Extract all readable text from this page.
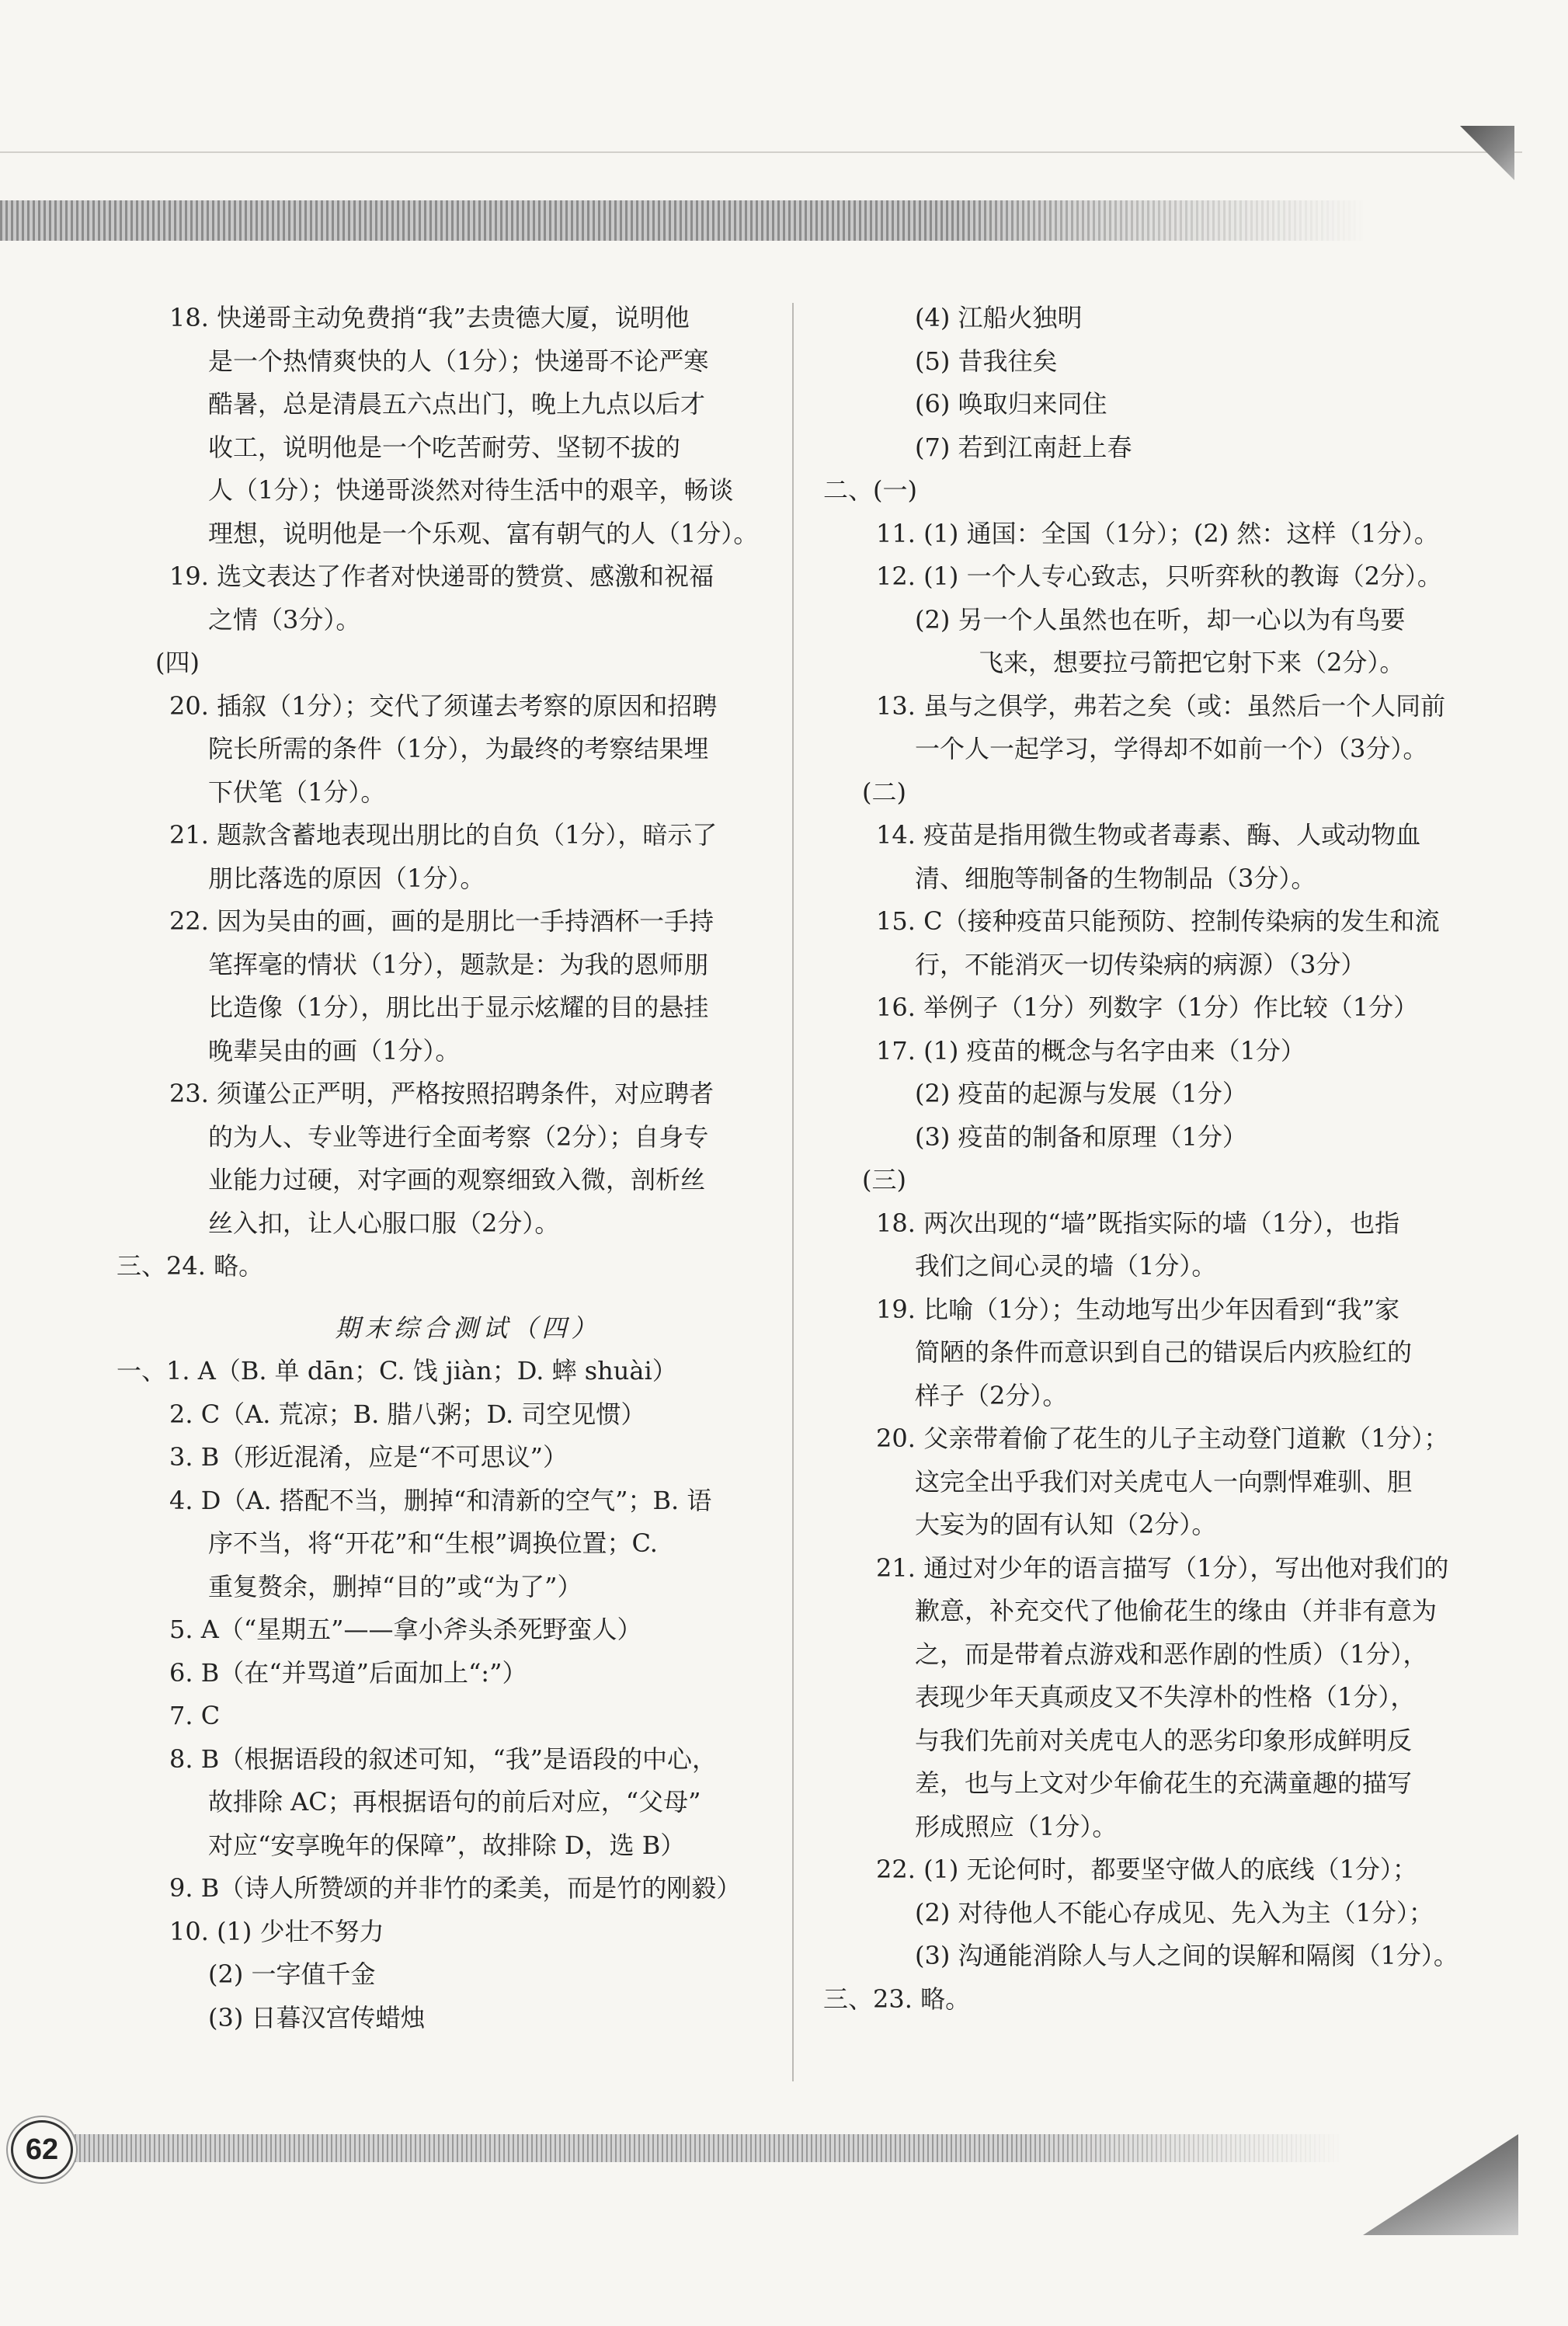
18. 快递哥主动免费捎“我”去贵德大厦，说明他
是一个热情爽快的人（1分）；快递哥不论严寒
酷暑，总是清晨五六点出门，晚上九点以后才
收工，说明他是一个吃苦耐劳、坚韧不拔的
人（1分）；快递哥淡然对待生活中的艰辛，畅谈
理想，说明他是一个乐观、富有朝气的人（1分）。
19. 选文表达了作者对快递哥的赞赏、感激和祝福
之情（3分）。
(四)
20. 插叙（1分）；交代了须谨去考察的原因和招聘
院长所需的条件（1分），为最终的考察结果埋
下伏笔（1分）。
21. 题款含蓄地表现出朋比的自负（1分），暗示了
朋比落选的原因（1分）。
22. 因为吴由的画，画的是朋比一手持酒杯一手持
笔挥毫的情状（1分），题款是：为我的恩师朋
比造像（1分），朋比出于显示炫耀的目的悬挂
晚辈吴由的画（1分）。
23. 须谨公正严明，严格按照招聘条件，对应聘者
的为人、专业等进行全面考察（2分）；自身专
业能力过硬，对字画的观察细致入微，剖析丝
丝入扣，让人心服口服（2分）。
三、24. 略。
期末综合测试（四）
一、1. A（B. 单 dān；C. 饯 jiàn；D. 蟀 shuài）
2. C（A. 荒凉；B. 腊八粥；D. 司空见惯）
3. B（形近混淆，应是“不可思议”）
4. D（A. 搭配不当，删掉“和清新的空气”；B. 语
序不当，将“开花”和“生根”调换位置；C.
重复赘余，删掉“目的”或“为了”）
5. A（“星期五”——拿小斧头杀死野蛮人）
6. B（在“并骂道”后面加上“:”）
7. C
8. B（根据语段的叙述可知，“我”是语段的中心，
故排除 AC；再根据语句的前后对应，“父母”
对应“安享晚年的保障”，故排除 D，选 B）
9. B（诗人所赞颂的并非竹的柔美，而是竹的刚毅）
10. (1) 少壮不努力
(2) 一字值千金
(3) 日暮汉宫传蜡烛
(4) 江船火独明
(5) 昔我往矣
(6) 唤取归来同住
(7) 若到江南赶上春
二、(一)
11. (1) 通国：全国（1分）；(2) 然：这样（1分）。
12. (1) 一个人专心致志，只听弈秋的教诲（2分）。
(2) 另一个人虽然也在听，却一心以为有鸟要
飞来，想要拉弓箭把它射下来（2分）。
13. 虽与之俱学，弗若之矣（或：虽然后一个人同前
一个人一起学习，学得却不如前一个）（3分）。
(二)
14. 疫苗是指用微生物或者毒素、酶、人或动物血
清、细胞等制备的生物制品（3分）。
15. C（接种疫苗只能预防、控制传染病的发生和流
行，不能消灭一切传染病的病源）（3分）
16. 举例子（1分）列数字（1分）作比较（1分）
17. (1) 疫苗的概念与名字由来（1分）
(2) 疫苗的起源与发展（1分）
(3) 疫苗的制备和原理（1分）
(三)
18. 两次出现的“墙”既指实际的墙（1分），也指
我们之间心灵的墙（1分）。
19. 比喻（1分）；生动地写出少年因看到“我”家
简陋的条件而意识到自己的错误后内疚脸红的
样子（2分）。
20. 父亲带着偷了花生的儿子主动登门道歉（1分）；
这完全出乎我们对关虎屯人一向剽悍难驯、胆
大妄为的固有认知（2分）。
21. 通过对少年的语言描写（1分），写出他对我们的
歉意，补充交代了他偷花生的缘由（并非有意为
之，而是带着点游戏和恶作剧的性质）（1分），
表现少年天真顽皮又不失淳朴的性格（1分），
与我们先前对关虎屯人的恶劣印象形成鲜明反
差，也与上文对少年偷花生的充满童趣的描写
形成照应（1分）。
22. (1) 无论何时，都要坚守做人的底线（1分）；
(2) 对待他人不能心存成见、先入为主（1分）；
(3) 沟通能消除人与人之间的误解和隔阂（1分）。
三、23. 略。
62
